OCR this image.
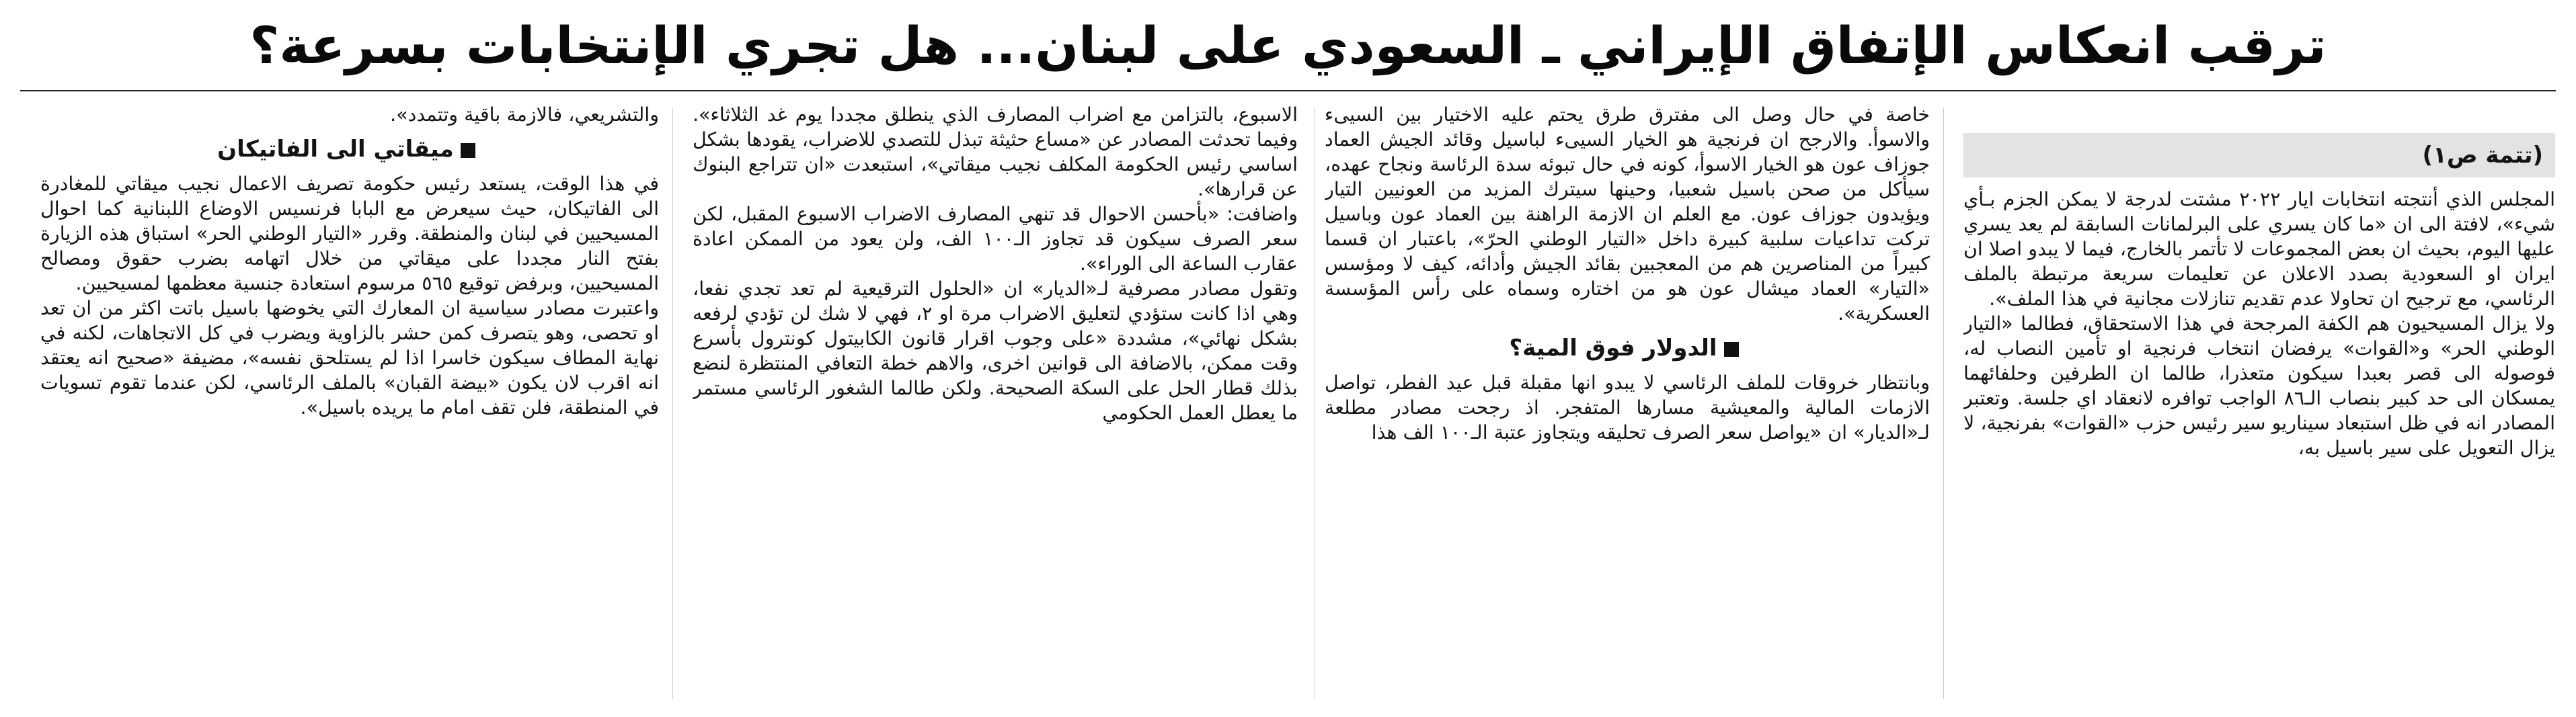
ترقب انعكاس الإتفاق الإيراني ـ السعودي على لبنان... هل تجري الإنتخابات بسرعة؟
(تتمة ص١)

المجلس الذي أنتجته انتخابات ايار ٢٠٢٢ مشتت لدرجة لا يمكن الجزم بـأي شيء»، لافتة الى ان «ما كان يسري على البرلمانات السابقة لم يعد يسري عليها اليوم، بحيث ان بعض المجموعات لا تأتمر بالخارج، فيما لا يبدو اصلا ان ايران او السعودية بصدد الاعلان عن تعليمات سريعة مرتبطة بالملف الرئاسي، مع ترجيح ان تحاولا عدم تقديم تنازلات مجانية في هذا الملف».

ولا يزال المسيحيون هم الكفة المرجحة في هذا الاستحقاق، فطالما «التيار الوطني الحر» و«القوات» يرفضان انتخاب فرنجية او تأمين النصاب له، فوصوله الى قصر بعبدا سيكون متعذرا، طالما ان الطرفين وحلفائهما يمسكان الى حد كبير بنصاب الـ٨٦ الواجب توافره لانعقاد اي جلسة. وتعتبر المصادر انه في ظل استبعاد سيناريو سير رئيس حزب «القوات» بفرنجية، لا يزال التعويل على سير باسيل به،

خاصة في حال وصل الى مفترق طرق يحتم عليه الاختيار بين السيىء والاسوأ. والارجح ان فرنجية هو الخيار السيىء لباسيل وقائد الجيش العماد جوزاف عون هو الخيار الاسوأ، كونه في حال تبوئه سدة الرئاسة ونجاح عهده، سيأكل من صحن باسيل شعبيا، وحينها سيترك المزيد من العونيين التيار ويؤيدون جوزاف عون. مع العلم ان الازمة الراهنة بين العماد عون وباسيل تركت تداعيات سلبية كبيرة داخل «التيار الوطني الحرّ»، باعتبار ان قسما كبيراً من المناصرين هم من المعجبين بقائد الجيش وأدائه، كيف لا ومؤسس «التيار» العماد ميشال عون هو من اختاره وسماه على رأس المؤسسة العسكرية».

الدولار فوق المية؟

وبانتظار خروقات للملف الرئاسي لا يبدو انها مقبلة قبل عيد الفطر، تواصل الازمات المالية والمعيشية مسارها المتفجر. اذ رجحت مصادر مطلعة لـ«الديار» ان «يواصل سعر الصرف تحليقه ويتجاوز عتبة الـ١٠٠ الف هذا

الاسبوع، بالتزامن مع اضراب المصارف الذي ينطلق مجددا يوم غد الثلاثاء». وفيما تحدثت المصادر عن «مساع حثيثة تبذل للتصدي للاضراب، يقودها بشكل اساسي رئيس الحكومة المكلف نجيب ميقاتي»، استبعدت «ان تتراجع البنوك عن قرارها».

واضافت: «بأحسن الاحوال قد تنهي المصارف الاضراب الاسبوع المقبل، لكن سعر الصرف سيكون قد تجاوز الـ١٠٠ الف، ولن يعود من الممكن اعادة عقارب الساعة الى الوراء».

وتقول مصادر مصرفية لـ«الديار» ان «الحلول الترقيعية لم تعد تجدي نفعا، وهي اذا كانت ستؤدي لتعليق الاضراب مرة او ٢، فهي لا شك لن تؤدي لرفعه بشكل نهائي»، مشددة «على وجوب اقرار قانون الكابيتول كونترول بأسرع وقت ممكن، بالاضافة الى قوانين اخرى، والاهم خطة التعافي المنتظرة لنضع بذلك قطار الحل على السكة الصحيحة. ولكن طالما الشغور الرئاسي مستمر ما يعطل العمل الحكومي

والتشريعي، فالازمة باقية وتتمدد».

ميقاتي الى الفاتيكان

في هذا الوقت، يستعد رئيس حكومة تصريف الاعمال نجيب ميقاتي للمغادرة الى الفاتيكان، حيث سيعرض مع البابا فرنسيس الاوضاع اللبنانية كما احوال المسيحيين في لبنان والمنطقة. وقرر «التيار الوطني الحر» استباق هذه الزيارة بفتح النار مجددا على ميقاتي من خلال اتهامه بضرب حقوق ومصالح المسيحيين، وبرفض توقيع ٥٦٥ مرسوم استعادة جنسية معظمها لمسيحيين.

واعتبرت مصادر سياسية ان المعارك التي يخوضها باسيل باتت اكثر من ان تعد او تحصى، وهو يتصرف كمن حشر بالزاوية ويضرب في كل الاتجاهات، لكنه في نهاية المطاف سيكون خاسرا اذا لم يستلحق نفسه»، مضيفة «صحيح انه يعتقد انه اقرب لان يكون «بيضة القبان» بالملف الرئاسي، لكن عندما تقوم تسويات في المنطقة، فلن تقف امام ما يريده باسيل».
